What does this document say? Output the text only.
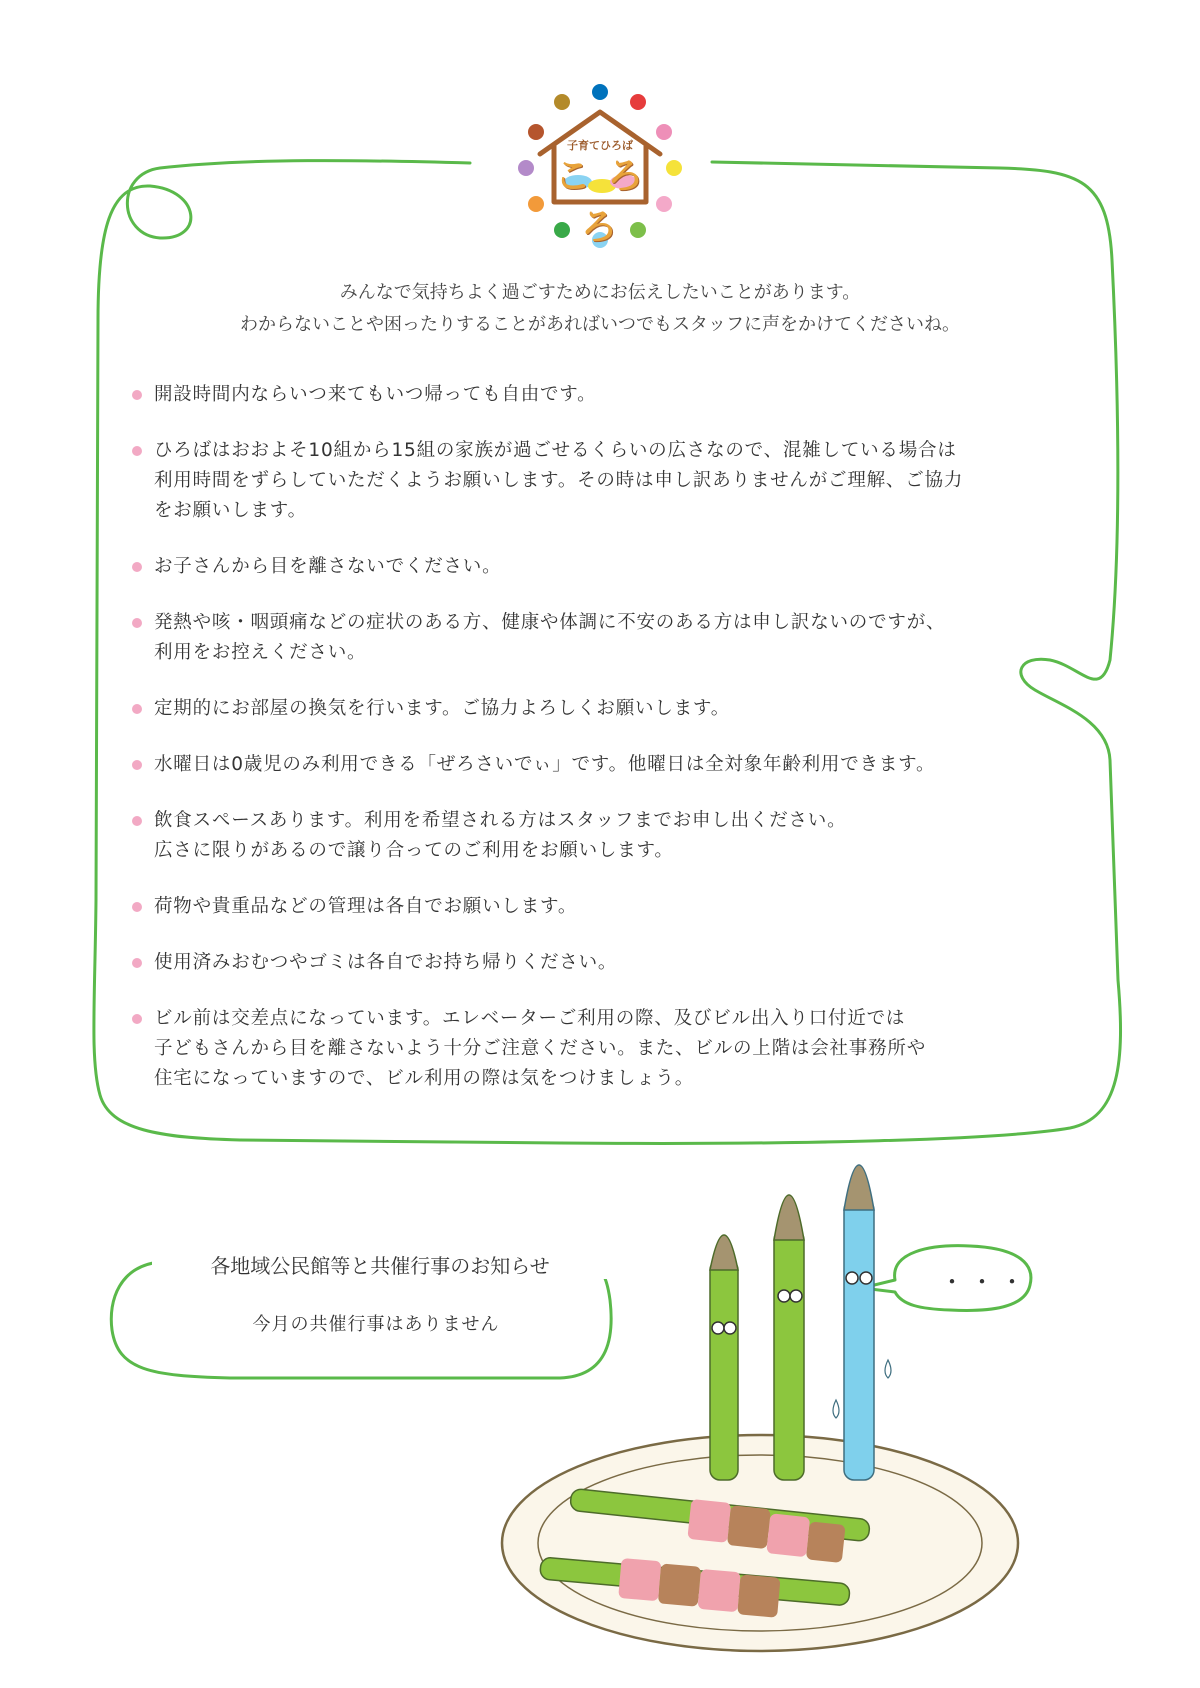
子育てひろば
こ ろ ろ
みんなで気持ちよく過ごすためにお伝えしたいことがあります。
わからないことや困ったりすることがあればいつでもスタッフに声をかけてくださいね。
開設時間内ならいつ来てもいつ帰っても自由です。
ひろばはおおよそ10組から15組の家族が過ごせるくらいの広さなので、混雑している場合は
利用時間をずらしていただくようお願いします。その時は申し訳ありませんがご理解、ご協力
をお願いします。
お子さんから目を離さないでください。
発熱や咳・咽頭痛などの症状のある方、健康や体調に不安のある方は申し訳ないのですが、
利用をお控えください。
定期的にお部屋の換気を行います。ご協力よろしくお願いします。
水曜日は0歳児のみ利用できる「ぜろさいでぃ」です。他曜日は全対象年齢利用できます。
飲食スペースあります。利用を希望される方はスタッフまでお申し出ください。
広さに限りがあるので譲り合ってのご利用をお願いします。
荷物や貴重品などの管理は各自でお願いします。
使用済みおむつやゴミは各自でお持ち帰りください。
ビル前は交差点になっています。エレベーターご利用の際、及びビル出入り口付近では
子どもさんから目を離さないよう十分ご注意ください。また、ビルの上階は会社事務所や
住宅になっていますので、ビル利用の際は気をつけましょう。
各地域公民館等と共催行事のお知らせ
今月の共催行事はありません
・・・
